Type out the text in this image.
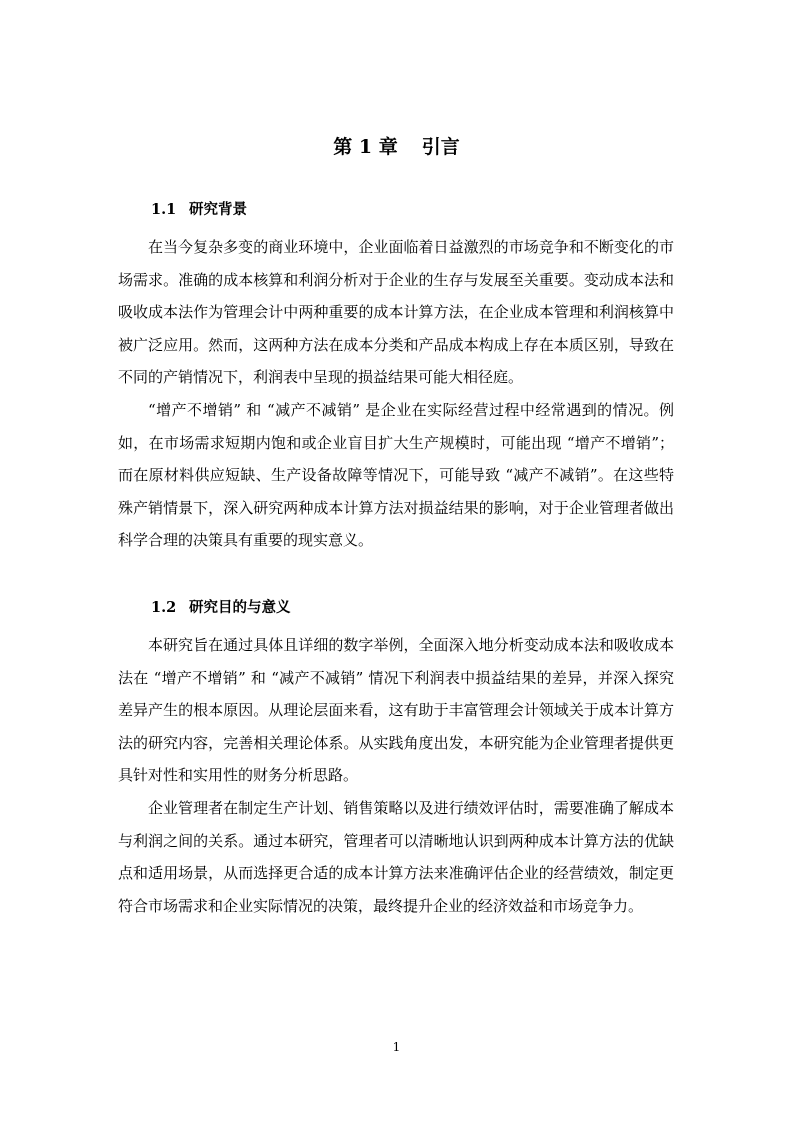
第 1 章 引言
1.1 研究背景

在当今复杂多变的商业环境中，企业面临着日益激烈的市场竞争和不断变化的市场需求。准确的成本核算和利润分析对于企业的生存与发展至关重要。变动成本法和吸收成本法作为管理会计中两种重要的成本计算方法，在企业成本管理和利润核算中被广泛应用。然而，这两种方法在成本分类和产品成本构成上存在本质区别，导致在不同的产销情况下，利润表中呈现的损益结果可能大相径庭。

“增产不增销” 和 “减产不减销” 是企业在实际经营过程中经常遇到的情况。例如，在市场需求短期内饱和或企业盲目扩大生产规模时，可能出现 “增产不增销”；而在原材料供应短缺、生产设备故障等情况下，可能导致 “减产不减销”。在这些特殊产销情景下，深入研究两种成本计算方法对损益结果的影响，对于企业管理者做出科学合理的决策具有重要的现实意义。

1.2 研究目的与意义

本研究旨在通过具体且详细的数字举例，全面深入地分析变动成本法和吸收成本法在 “增产不增销” 和 “减产不减销” 情况下利润表中损益结果的差异，并深入探究差异产生的根本原因。从理论层面来看，这有助于丰富管理会计领域关于成本计算方法的研究内容，完善相关理论体系。从实践角度出发，本研究能为企业管理者提供更具针对性和实用性的财务分析思路。

企业管理者在制定生产计划、销售策略以及进行绩效评估时，需要准确了解成本与利润之间的关系。通过本研究，管理者可以清晰地认识到两种成本计算方法的优缺点和适用场景，从而选择更合适的成本计算方法来准确评估企业的经营绩效，制定更符合市场需求和企业实际情况的决策，最终提升企业的经济效益和市场竞争力。

1
